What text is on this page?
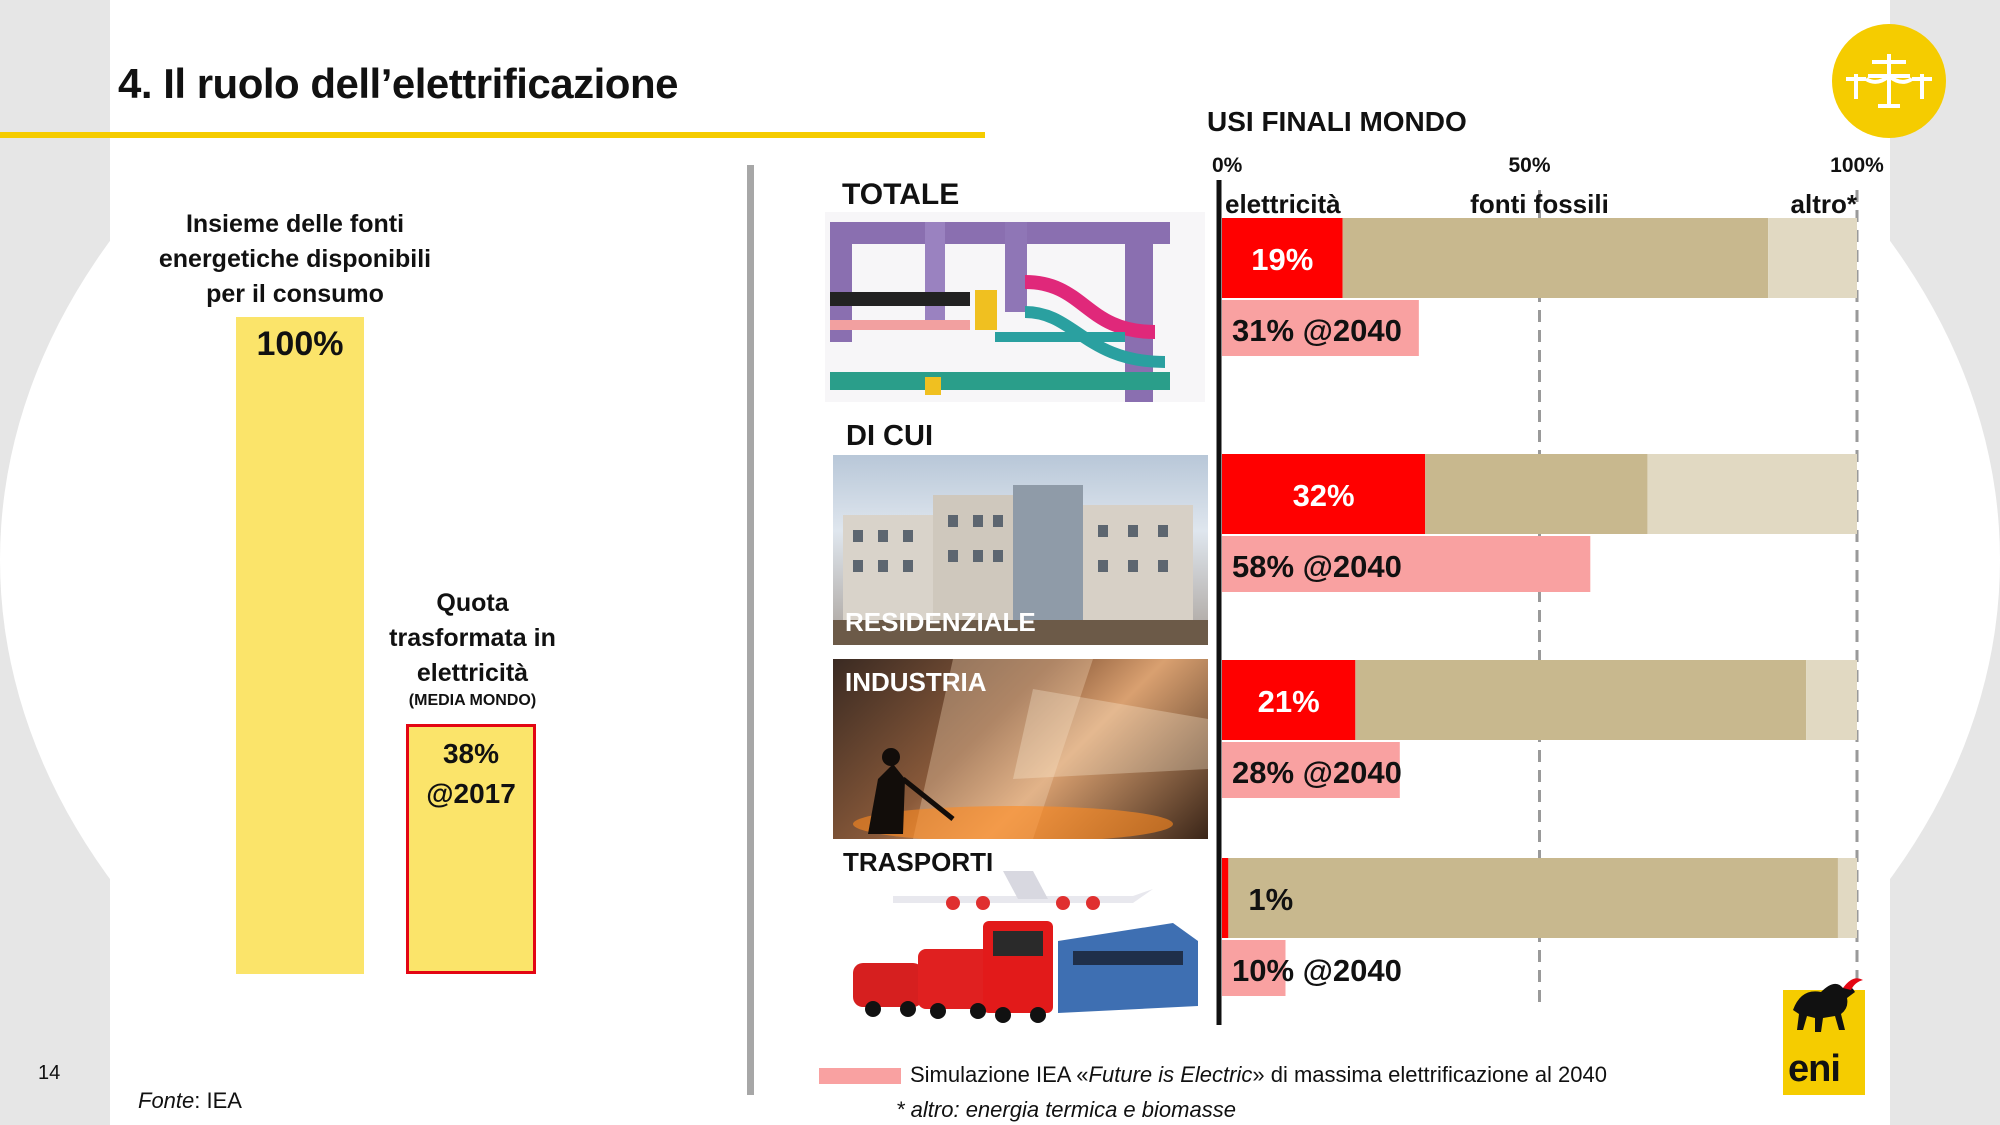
4. Il ruolo dell’elettrificazione
USI FINALI MONDO
Insieme delle fonti energetiche disponibili per il consumo
100%
Quota trasformata in elettricità
(MEDIA MONDO)
38%
@2017
TOTALE
DI CUI
RESIDENZIALE
INDUSTRIA
TRASPORTI
19%
31% @2040
32%
58% @2040
21%
28% @2040
1%
10% @2040
0%	50%	100%
elettricità	fonti fossili	altro*
14
Fonte: IEA
Simulazione IEA «Future is Electric» di massima elettrificazione al 2040
* altro: energia termica e biomasse
eni
